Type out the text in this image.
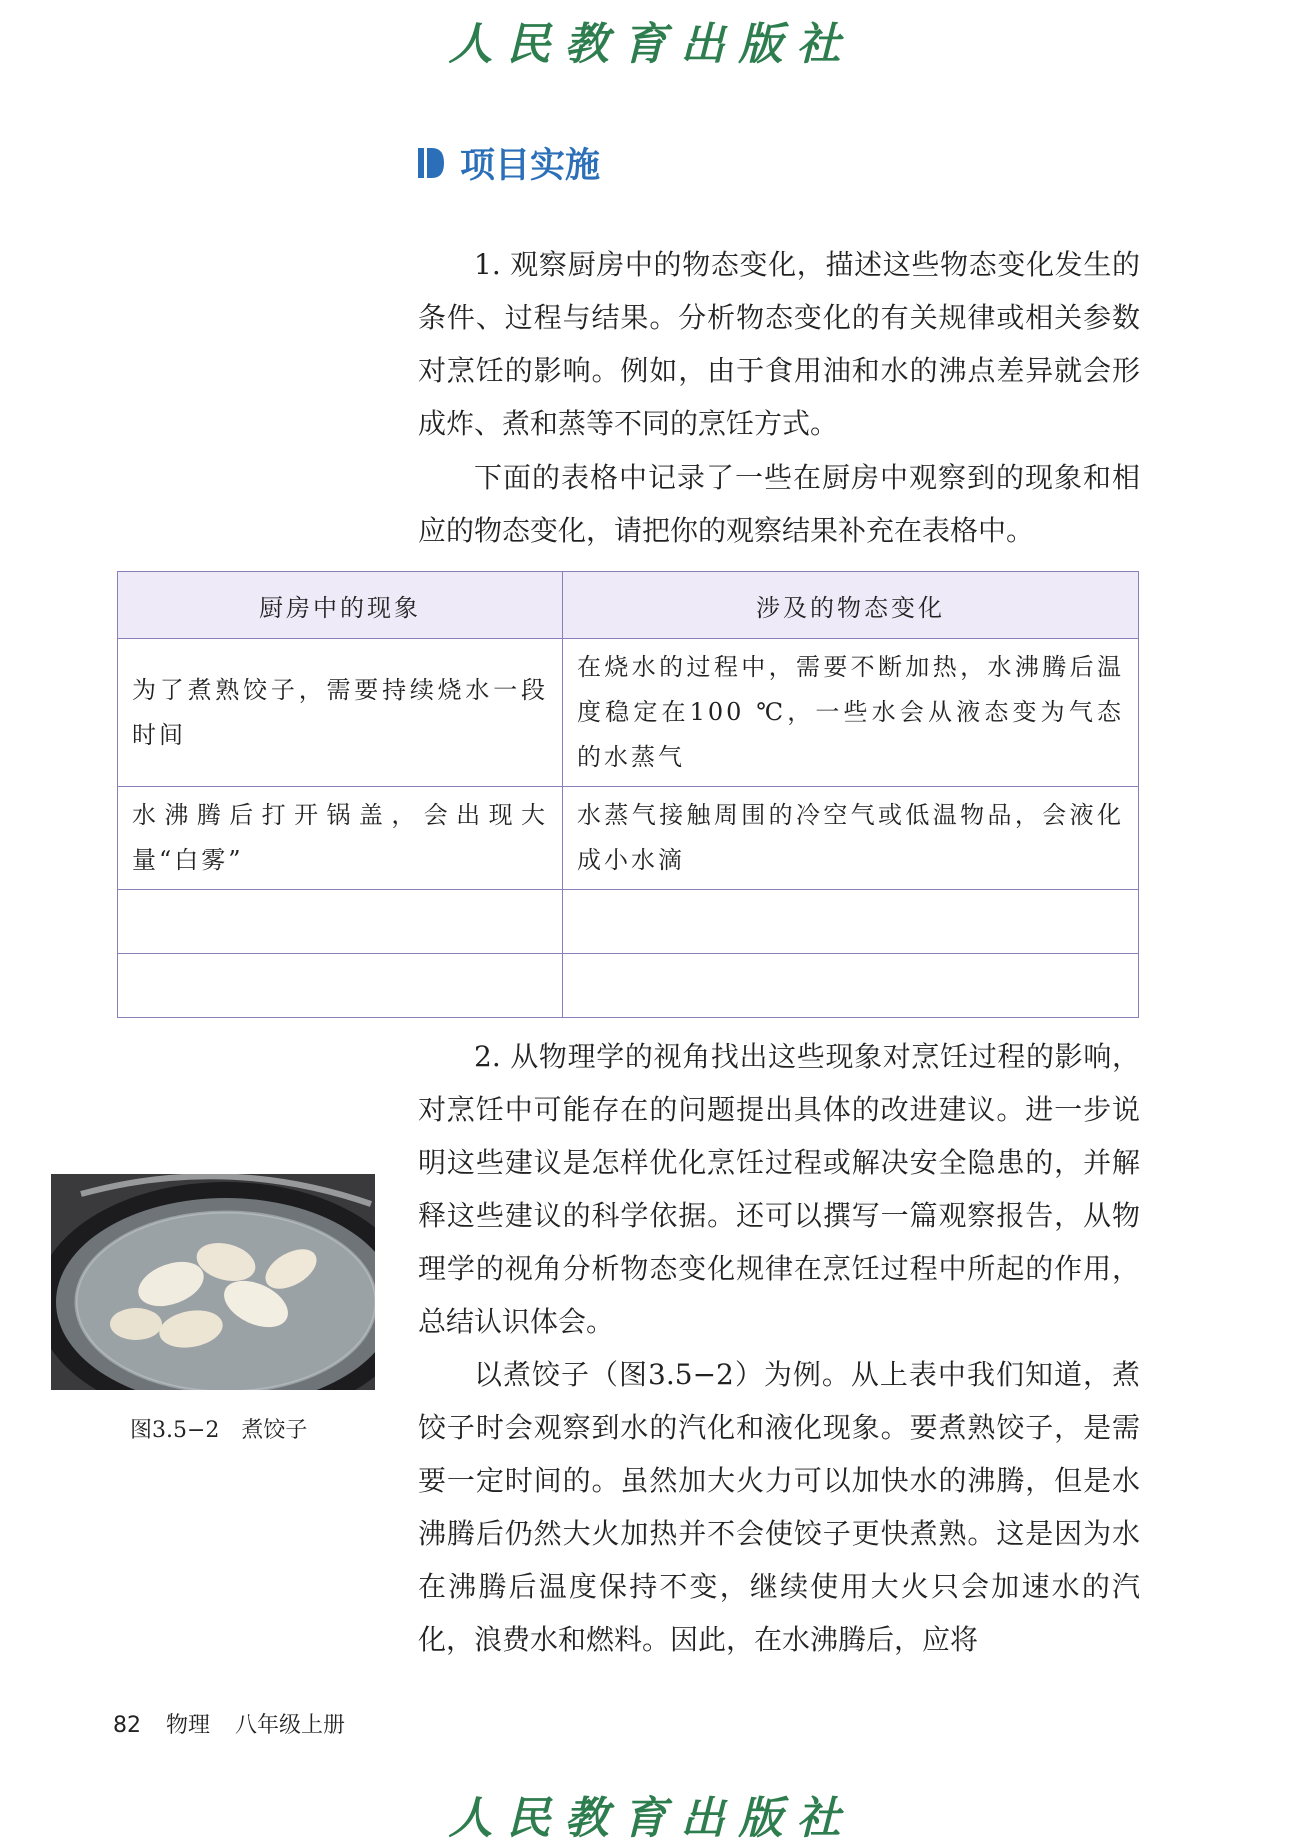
人民教育出版社
项目实施

1. 观察厨房中的物态变化，描述这些物态变化发生的条件、过程与结果。分析物态变化的有关规律或相关参数对烹饪的影响。例如，由于食用油和水的沸点差异就会形成炸、煮和蒸等不同的烹饪方式。

下面的表格中记录了一些在厨房中观察到的现象和相应的物态变化，请把你的观察结果补充在表格中。

厨房中的现象	涉及的物态变化
为了煮熟饺子，需要持续烧水一段时间	在烧水的过程中，需要不断加热，水沸腾后温度稳定在100 ℃，一些水会从液态变为气态的水蒸气
水沸腾后打开锅盖，会出现大量“白雾”	水蒸气接触周围的冷空气或低温物品，会液化成小水滴

2. 从物理学的视角找出这些现象对烹饪过程的影响，对烹饪中可能存在的问题提出具体的改进建议。进一步说明这些建议是怎样优化烹饪过程或解决安全隐患的，并解释这些建议的科学依据。还可以撰写一篇观察报告，从物理学的视角分析物态变化规律在烹饪过程中所起的作用，总结认识体会。

图3.5−2　煮饺子

以煮饺子（图3.5−2）为例。从上表中我们知道，煮饺子时会观察到水的汽化和液化现象。要煮熟饺子，是需要一定时间的。虽然加大火力可以加快水的沸腾，但是水沸腾后仍然大火加热并不会使饺子更快煮熟。这是因为水在沸腾后温度保持不变，继续使用大火只会加速水的汽化，浪费水和燃料。因此，在水沸腾后，应将

82 物理 八年级上册
人民教育出版社
